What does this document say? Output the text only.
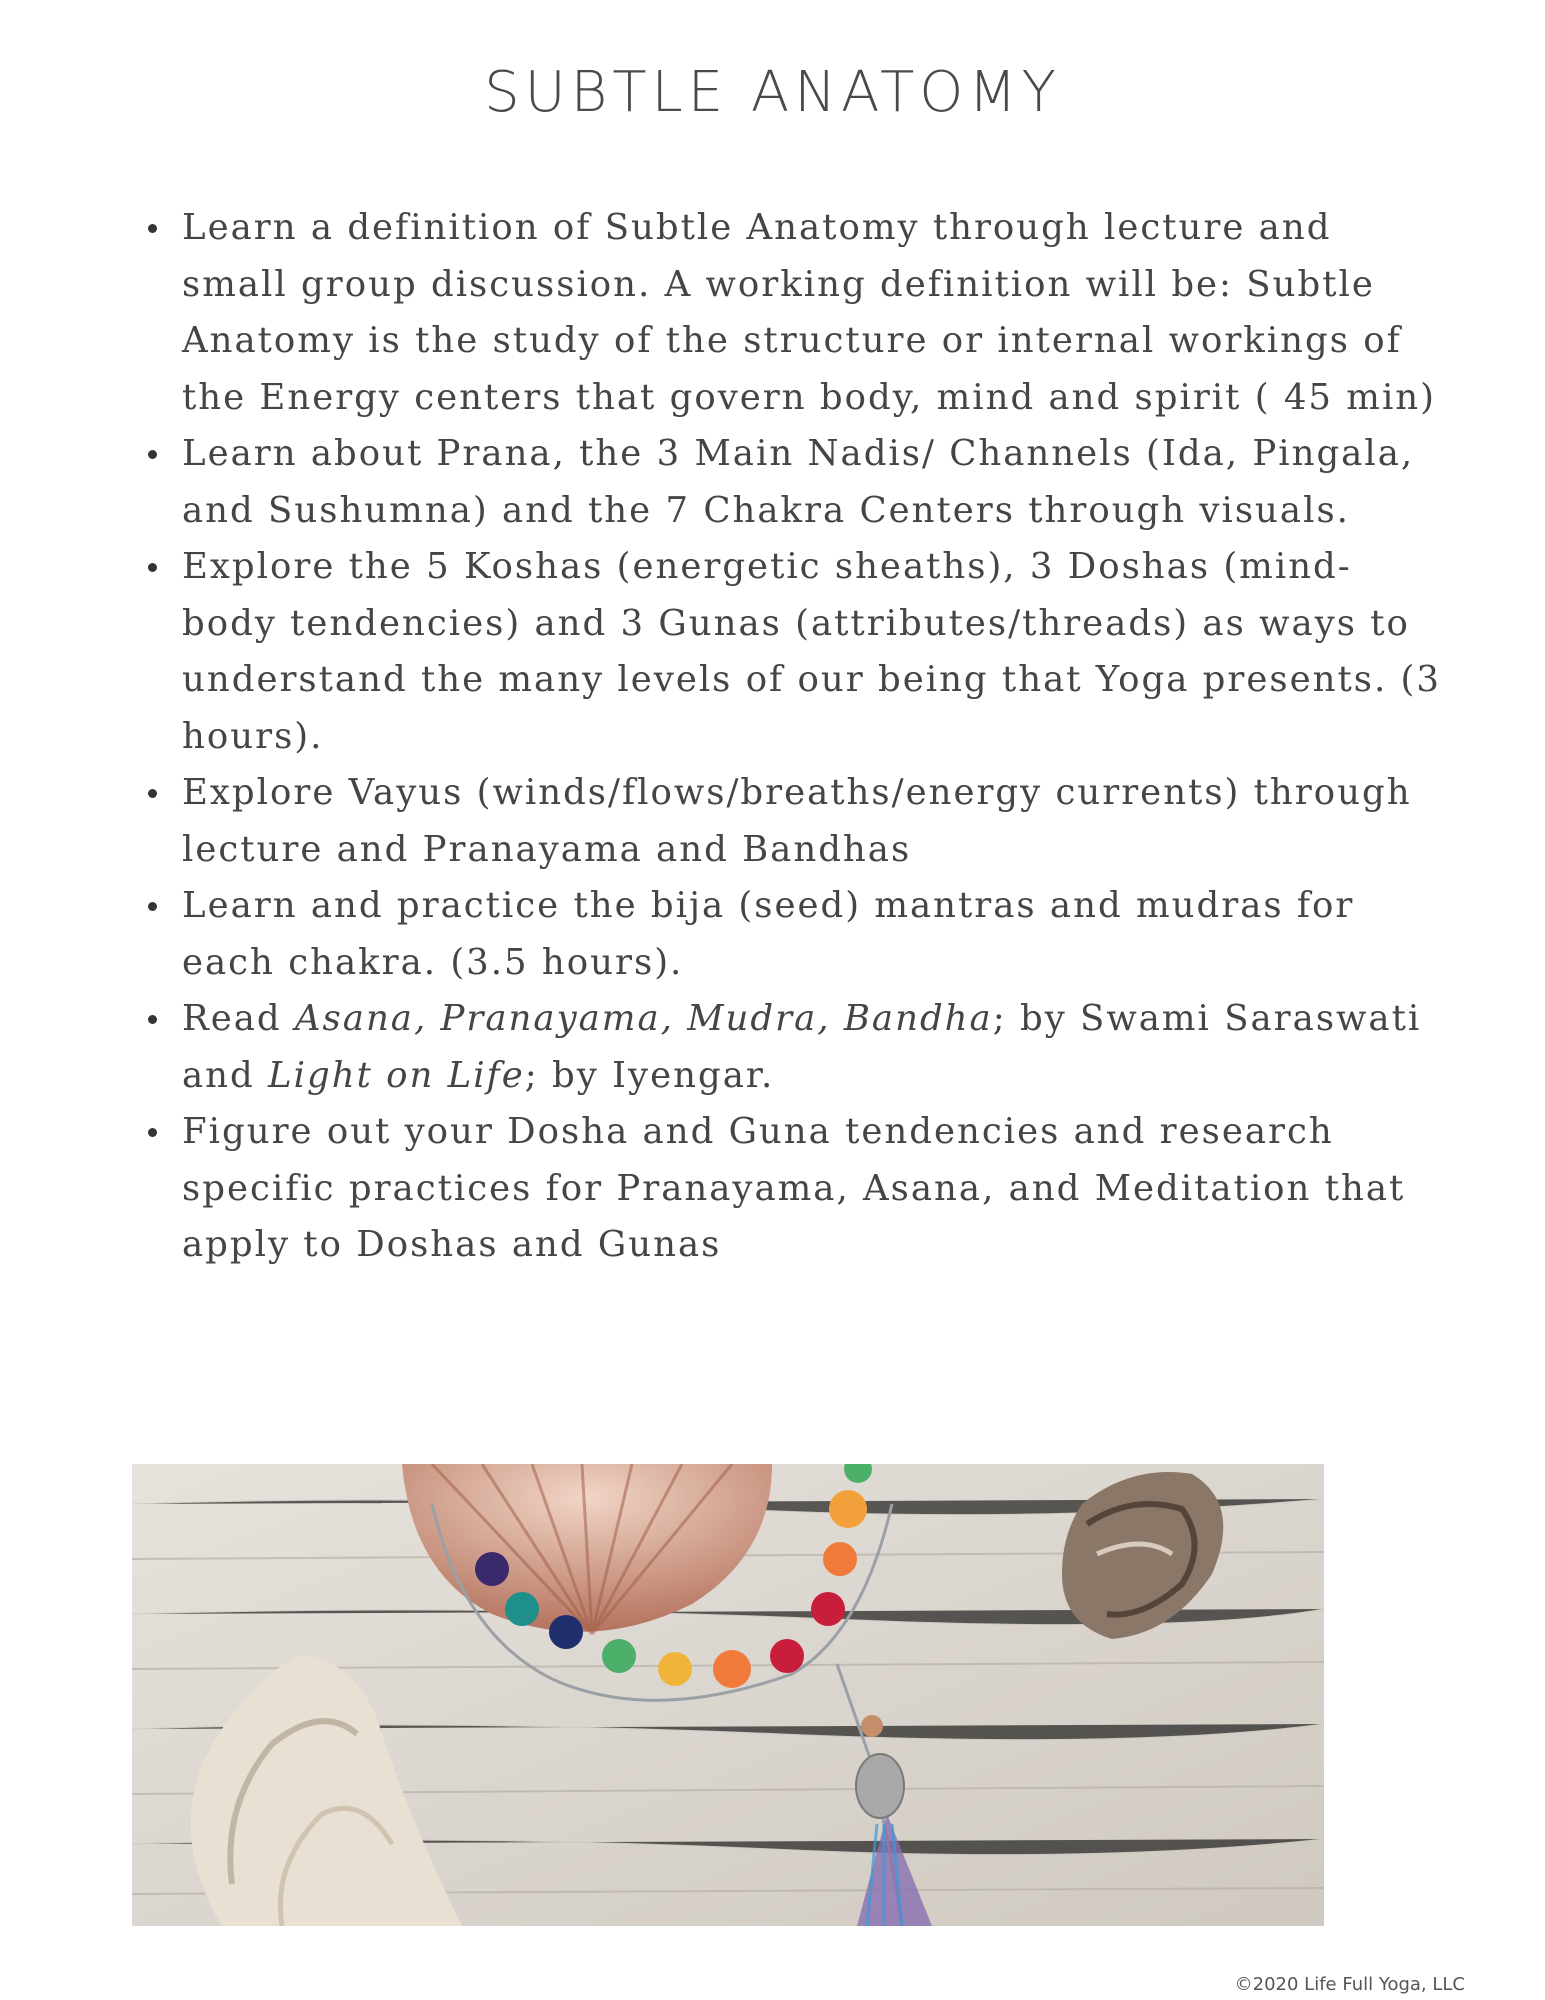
SUBTLE ANATOMY
Learn a definition of Subtle Anatomy through lecture and small group discussion. A working definition will be: Subtle Anatomy is the study of the structure or internal workings of the Energy centers that govern body, mind and spirit ( 45 min)
Learn about Prana, the 3 Main Nadis/ Channels (Ida, Pingala, and Sushumna) and the 7 Chakra Centers through visuals.
Explore the 5 Koshas (energetic sheaths), 3 Doshas (mind-body tendencies) and 3 Gunas (attributes/threads) as ways to understand the many levels of our being that Yoga presents. (3 hours).
Explore Vayus (winds/flows/breaths/energy currents) through lecture and Pranayama and Bandhas
Learn and practice the bija (seed) mantras and mudras for each chakra. (3.5 hours).
Read Asana, Pranayama, Mudra, Bandha; by Swami Saraswati and Light on Life; by Iyengar.
Figure out your Dosha and Guna tendencies and research specific practices for Pranayama, Asana, and Meditation that apply to Doshas and Gunas
©2020 Life Full Yoga, LLC
